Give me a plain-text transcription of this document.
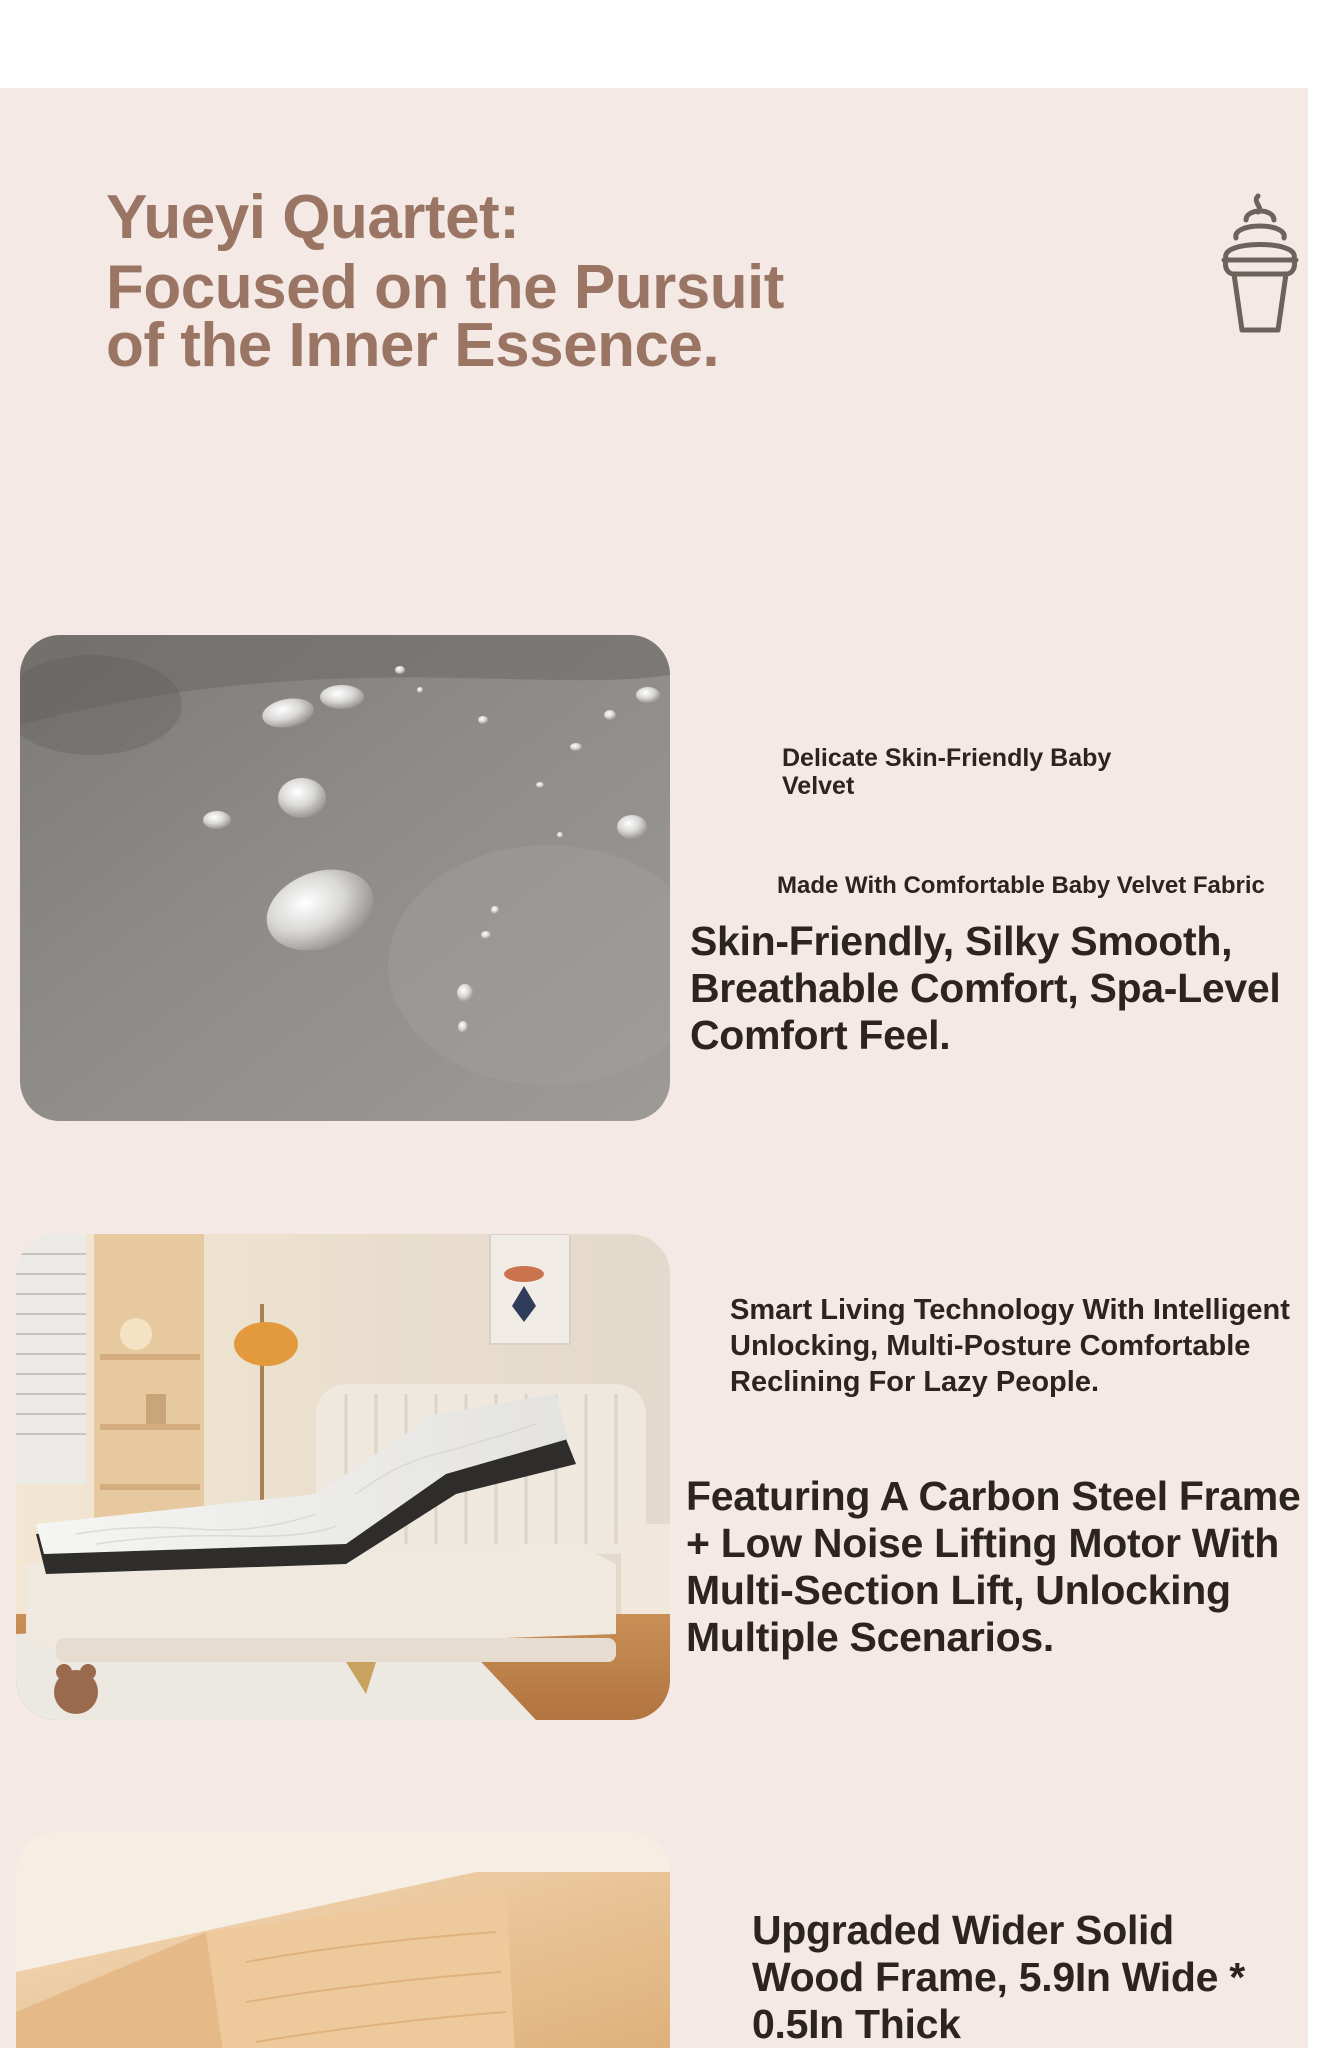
Yueyi Quartet:
Focused on the Pursuit
of the Inner Essence.
Delicate Skin-Friendly Baby Velvet
Made With Comfortable Baby Velvet Fabric
Skin-Friendly, Silky Smooth, Breathable Comfort, Spa-Level Comfort Feel.
Smart Living Technology With Intelligent Unlocking, Multi-Posture Comfortable Reclining For Lazy People.
Featuring A Carbon Steel Frame + Low Noise Lifting Motor With Multi-Section Lift, Unlocking Multiple Scenarios.
Upgraded Wider Solid Wood Frame, 5.9In Wide * 0.5In Thick
